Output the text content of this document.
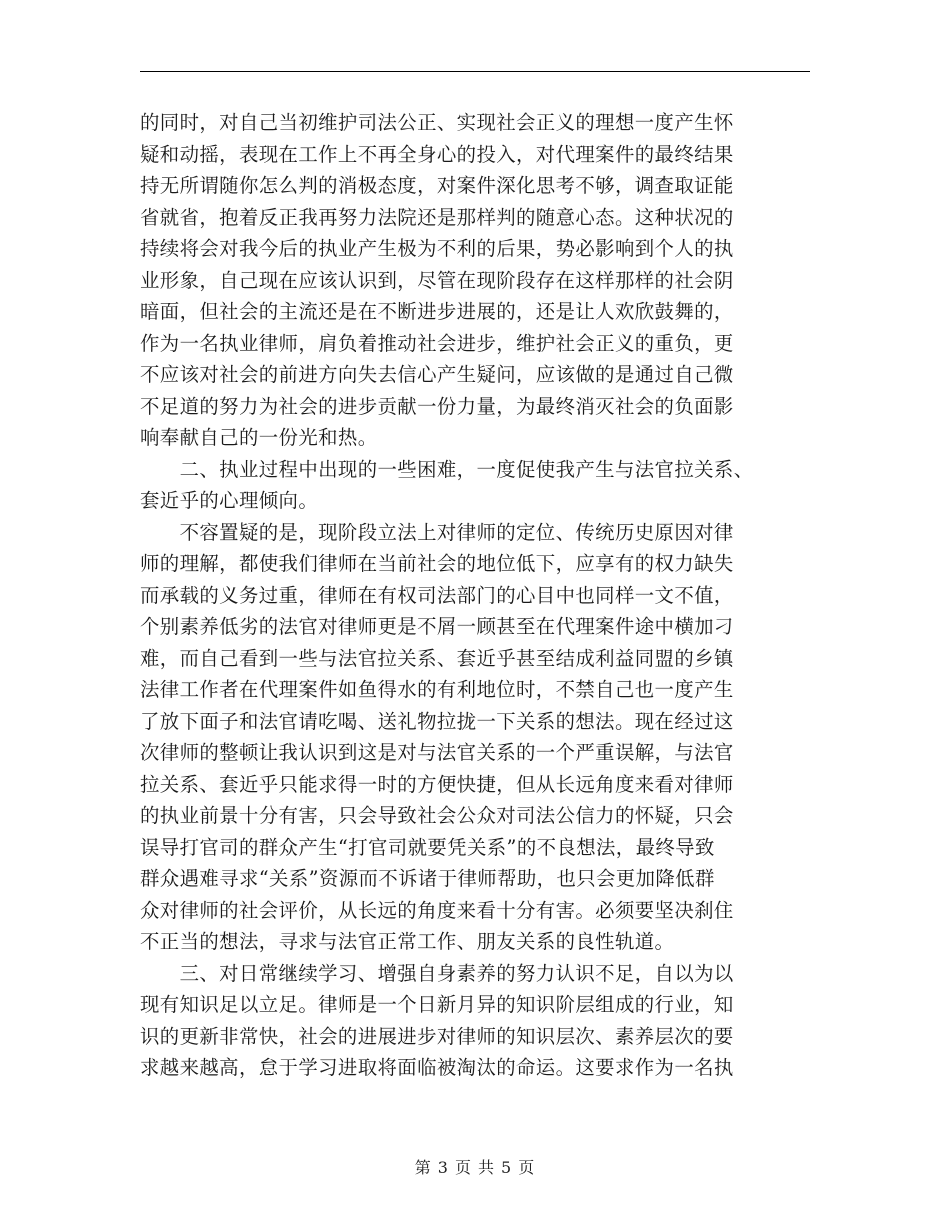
的同时，对自己当初维护司法公正、实现社会正义的理想一度产生怀
疑和动摇，表现在工作上不再全身心的投入，对代理案件的最终结果
持无所谓随你怎么判的消极态度，对案件深化思考不够，调查取证能
省就省，抱着反正我再努力法院还是那样判的随意心态。这种状况的
持续将会对我今后的执业产生极为不利的后果，势必影响到个人的执
业形象，自己现在应该认识到，尽管在现阶段存在这样那样的社会阴
暗面，但社会的主流还是在不断进步进展的，还是让人欢欣鼓舞的，
作为一名执业律师，肩负着推动社会进步，维护社会正义的重负，更
不应该对社会的前进方向失去信心产生疑问，应该做的是通过自己微
不足道的努力为社会的进步贡献一份力量，为最终消灭社会的负面影
响奉献自己的一份光和热。
　　二、执业过程中出现的一些困难，一度促使我产生与法官拉关系、
套近乎的心理倾向。
　　不容置疑的是，现阶段立法上对律师的定位、传统历史原因对律
师的理解，都使我们律师在当前社会的地位低下，应享有的权力缺失
而承载的义务过重，律师在有权司法部门的心目中也同样一文不值，
个别素养低劣的法官对律师更是不屑一顾甚至在代理案件途中横加刁
难，而自己看到一些与法官拉关系、套近乎甚至结成利益同盟的乡镇
法律工作者在代理案件如鱼得水的有利地位时，不禁自己也一度产生
了放下面子和法官请吃喝、送礼物拉拢一下关系的想法。现在经过这
次律师的整顿让我认识到这是对与法官关系的一个严重误解，与法官
拉关系、套近乎只能求得一时的方便快捷，但从长远角度来看对律师
的执业前景十分有害，只会导致社会公众对司法公信力的怀疑，只会
误导打官司的群众产生“打官司就要凭关系”的不良想法，最终导致
群众遇难寻求“关系”资源而不诉诸于律师帮助，也只会更加降低群
众对律师的社会评价，从长远的角度来看十分有害。必须要坚决刹住
不正当的想法，寻求与法官正常工作、朋友关系的良性轨道。
　　三、对日常继续学习、增强自身素养的努力认识不足，自以为以
现有知识足以立足。律师是一个日新月异的知识阶层组成的行业，知
识的更新非常快，社会的进展进步对律师的知识层次、素养层次的要
求越来越高，怠于学习进取将面临被淘汰的命运。这要求作为一名执
第 3 页 共 5 页
